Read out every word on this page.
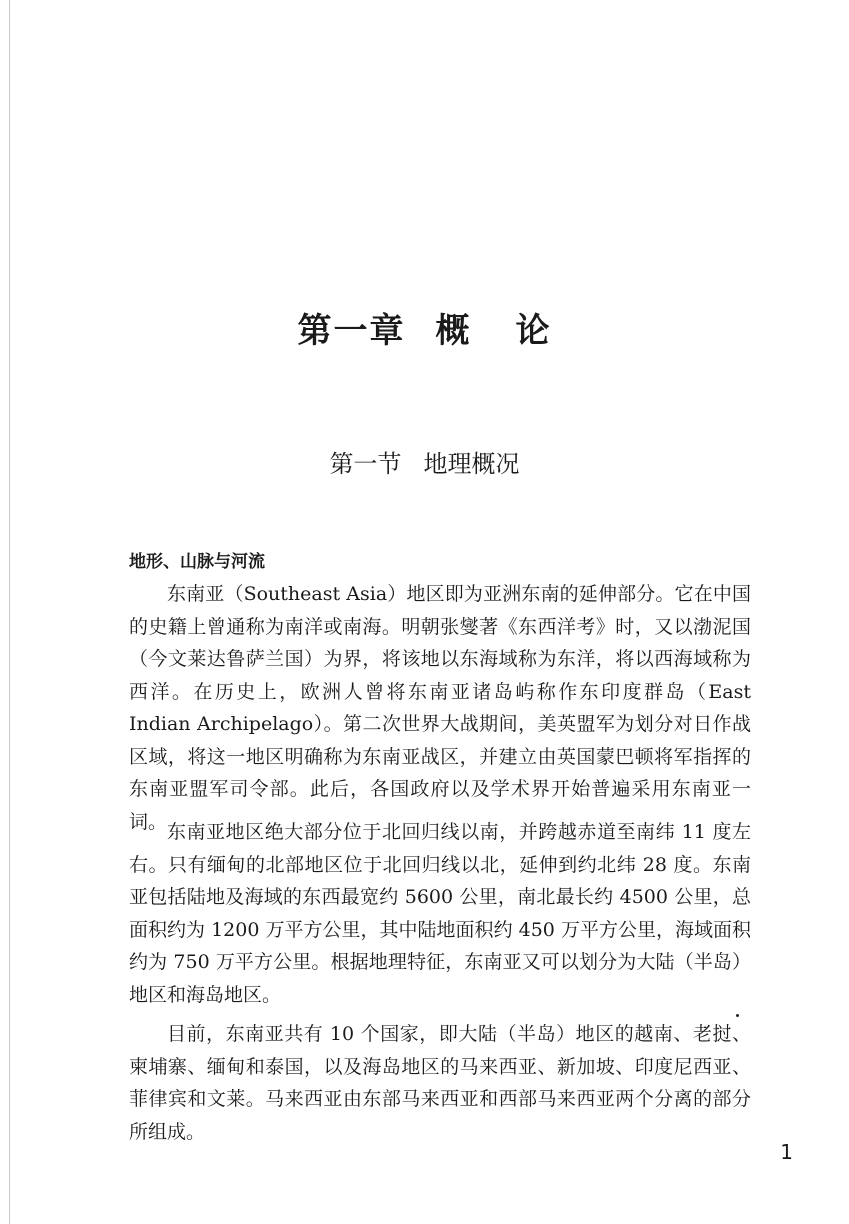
第一章 概 论
第一节 地理概况
地形、山脉与河流

东南亚（Southeast Asia）地区即为亚洲东南的延伸部分。它在中国的史籍上曾通称为南洋或南海。明朝张燮著《东西洋考》时，又以渤泥国（今文莱达鲁萨兰国）为界，将该地以东海域称为东洋，将以西海域称为西洋。在历史上，欧洲人曾将东南亚诸岛屿称作东印度群岛（East Indian Archipelago）。第二次世界大战期间，美英盟军为划分对日作战区域，将这一地区明确称为东南亚战区，并建立由英国蒙巴顿将军指挥的东南亚盟军司令部。此后，各国政府以及学术界开始普遍采用东南亚一词。 东南亚地区绝大部分位于北回归线以南，并跨越赤道至南纬 11 度左右。只有缅甸的北部地区位于北回归线以北，延伸到约北纬 28 度。东南亚包括陆地及海域的东西最宽约 5600 公里，南北最长约 4500 公里，总面积约为 1200 万平方公里，其中陆地面积约 450 万平方公里，海域面积约为 750 万平方公里。根据地理特征，东南亚又可以划分为大陆（半岛）地区和海岛地区。

目前，东南亚共有 10 个国家，即大陆（半岛）地区的越南、老挝、柬埔寨、缅甸和泰国，以及海岛地区的马来西亚、新加坡、印度尼西亚、菲律宾和文莱。马来西亚由东部马来西亚和西部马来西亚两个分离的部分所组成。

1
